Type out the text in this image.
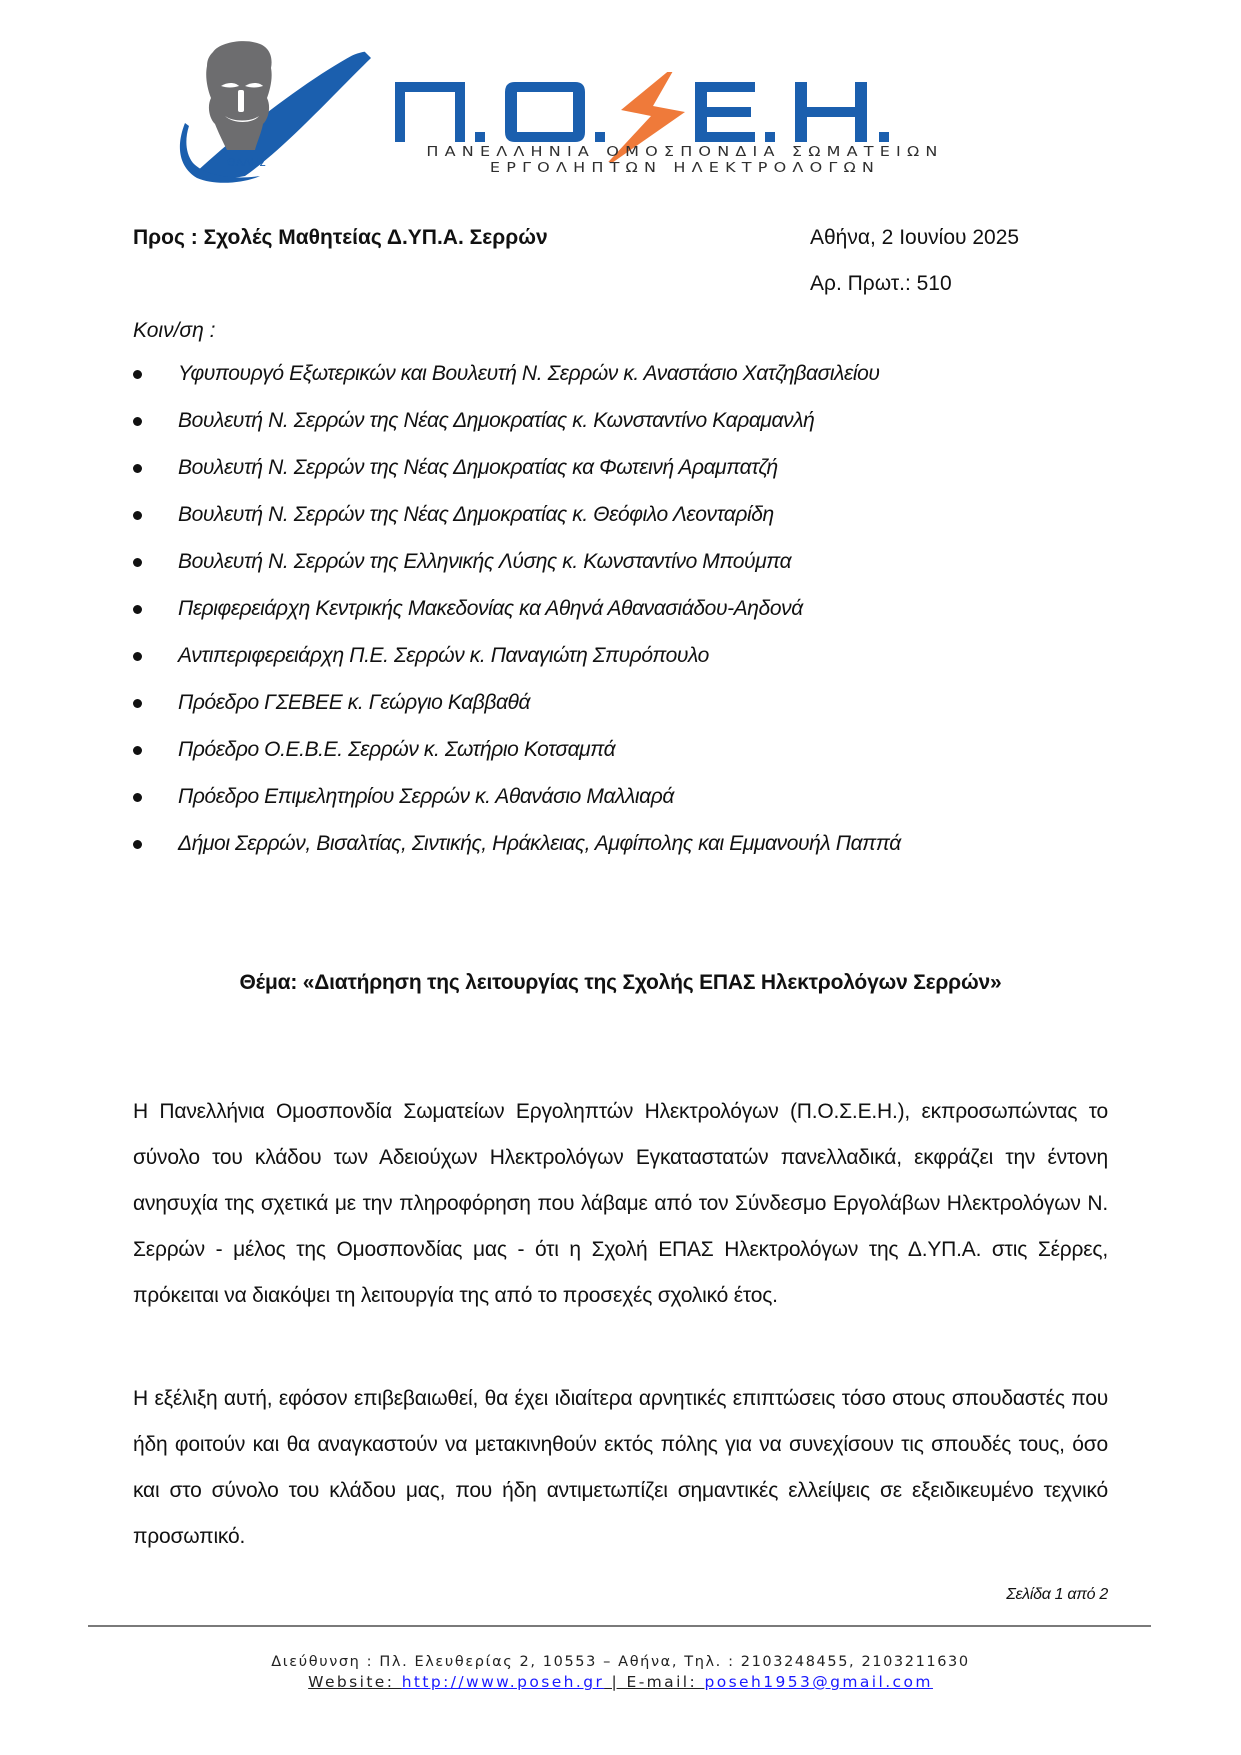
ΘΑΛΗΣ
ΠΑΝΕΛΛΗΝΙΑ ΟΜΟΣΠΟΝΔΙΑ ΣΩΜΑΤΕΙΩΝ
ΕΡΓΟΛΗΠΤΩΝ ΗΛΕΚΤΡΟΛΟΓΩΝ
Προς : Σχολές Μαθητείας Δ.ΥΠ.Α. Σερρών	Αθήνα, 2 Ιουνίου 2025
Αρ. Πρωτ.: 510
Κοιν/ση :
Υφυπουργό Εξωτερικών και Βουλευτή Ν. Σερρών κ. Αναστάσιο Χατζηβασιλείου
Βουλευτή Ν. Σερρών της Νέας Δημοκρατίας κ. Κωνσταντίνο Καραμανλή
Βουλευτή Ν. Σερρών της Νέας Δημοκρατίας κα Φωτεινή Αραμπατζή
Βουλευτή Ν. Σερρών της Νέας Δημοκρατίας κ. Θεόφιλο Λεονταρίδη
Βουλευτή Ν. Σερρών της Ελληνικής Λύσης κ. Κωνσταντίνο Μπούμπα
Περιφερειάρχη Κεντρικής Μακεδονίας κα Αθηνά Αθανασιάδου-Αηδονά
Αντιπεριφερειάρχη Π.Ε. Σερρών κ. Παναγιώτη Σπυρόπουλο
Πρόεδρο ΓΣΕΒΕΕ κ. Γεώργιο Καββαθά
Πρόεδρο Ο.Ε.Β.Ε. Σερρών κ. Σωτήριο Κοτσαμπά
Πρόεδρο Επιμελητηρίου Σερρών κ. Αθανάσιο Μαλλιαρά
Δήμοι Σερρών, Βισαλτίας, Σιντικής, Ηράκλειας, Αμφίπολης και Εμμανουήλ Παππά
Θέμα: «Διατήρηση της λειτουργίας της Σχολής ΕΠΑΣ Ηλεκτρολόγων Σερρών»

Η Πανελλήνια Ομοσπονδία Σωματείων Εργοληπτών Ηλεκτρολόγων (Π.Ο.Σ.Ε.Η.), εκπροσωπώντας το σύνολο του κλάδου των Αδειούχων Ηλεκτρολόγων Εγκαταστατών πανελλαδικά, εκφράζει την έντονη ανησυχία της σχετικά με την πληροφόρηση που λάβαμε από τον Σύνδεσμο Εργολάβων Ηλεκτρολόγων Ν. Σερρών - μέλος της Ομοσπονδίας μας - ότι η Σχολή ΕΠΑΣ Ηλεκτρολόγων της Δ.ΥΠ.Α. στις Σέρρες, πρόκειται να διακόψει τη λειτουργία της από το προσεχές σχολικό έτος.

Η εξέλιξη αυτή, εφόσον επιβεβαιωθεί, θα έχει ιδιαίτερα αρνητικές επιπτώσεις τόσο στους σπουδαστές που ήδη φοιτούν και θα αναγκαστούν να μετακινηθούν εκτός πόλης για να συνεχίσουν τις σπουδές τους, όσο και στο σύνολο του κλάδου μας, που ήδη αντιμετωπίζει σημαντικές ελλείψεις σε εξειδικευμένο τεχνικό προσωπικό.

Σελίδα 1 από 2
Διεύθυνση : Πλ. Ελευθερίας 2, 10553 – Αθήνα, Τηλ. : 2103248455, 2103211630
Website: http://www.poseh.gr | E-mail: poseh1953@gmail.com
